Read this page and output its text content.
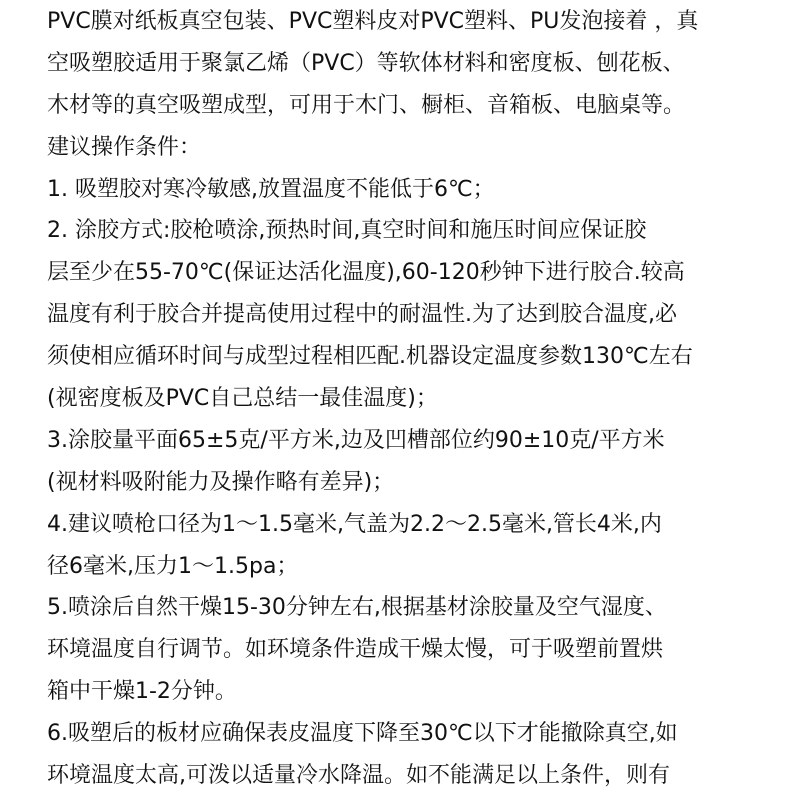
PVC膜对纸板真空包装、PVC塑料皮对PVC塑料、PU发泡接着 ，真
空吸塑胶适用于聚氯乙烯（PVC）等软体材料和密度板、刨花板、
木材等的真空吸塑成型，可用于木门、橱柜、音箱板、电脑桌等。
建议操作条件：
1. 吸塑胶对寒冷敏感,放置温度不能低于6℃；
2. 涂胶方式:胶枪喷涂,预热时间,真空时间和施压时间应保证胶
层至少在55-70℃(保证达活化温度),60-120秒钟下进行胶合.较高
温度有利于胶合并提高使用过程中的耐温性.为了达到胶合温度,必
须使相应循环时间与成型过程相匹配.机器设定温度参数130℃左右
(视密度板及PVC自己总结一最佳温度)；
3.涂胶量平面65±5克/平方米,边及凹槽部位约90±10克/平方米
(视材料吸附能力及操作略有差异)；
4.建议喷枪口径为1～1.5毫米,气盖为2.2～2.5毫米,管长4米,内
径6毫米,压力1～1.5pa；
5.喷涂后自然干燥15-30分钟左右,根据基材涂胶量及空气湿度、
环境温度自行调节。如环境条件造成干燥太慢，可于吸塑前置烘
箱中干燥1-2分钟。
6.吸塑后的板材应确保表皮温度下降至30℃以下才能撤除真空,如
环境温度太高,可泼以适量冷水降温。如不能满足以上条件，则有
